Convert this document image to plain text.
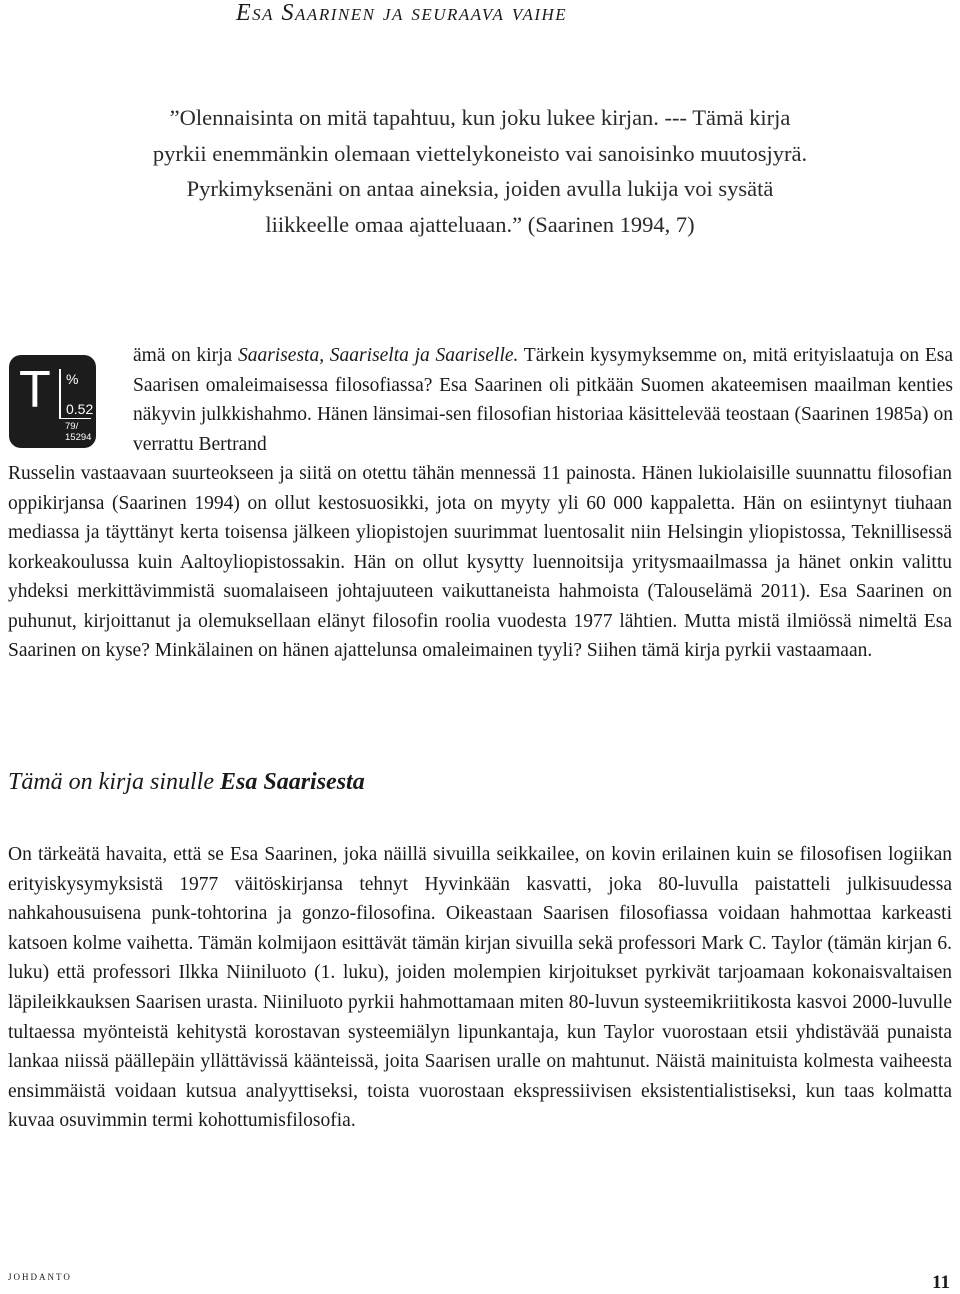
Esa Saarinen ja seuraava vaihe
”Olennaisinta on mitä tapahtuu, kun joku lukee kirjan. --- Tämä kirja pyrkii enemmänkin olemaan viettelykoneisto vai sanoisinko muutosjyrä. Pyrkimyksenäni on antaa aineksia, joiden avulla lukija voi sysätä liikkeelle omaa ajatteluaan.” (Saarinen 1994, 7)
T %
0.52
79/
15294

ämä on kirja Saarisesta, Saariselta ja Saariselle. Tärkein kysymyksemme on, mitä erityislaatuja on Esa Saarisen omaleimaisessa filosofiassa? Esa Saarinen oli pitkään Suomen akateemisen maailman kenties näkyvin julkkishahmo. Hänen länsimai-sen filosofian historiaa käsittelevää teostaan (Saarinen 1985a) on verrattu Bertrand

Russelin vastaavaan suurteokseen ja siitä on otettu tähän mennessä 11 painosta. Hänen lukiolaisille suunnattu filosofian oppikirjansa (Saarinen 1994) on ollut kestosuosikki, jota on myyty yli 60 000 kappaletta. Hän on esiintynyt tiuhaan mediassa ja täyttänyt kerta toisensa jälkeen yliopistojen suurimmat luentosalit niin Helsingin yliopistossa, Teknillisessä korkeakoulussa kuin Aaltoyliopistossakin. Hän on ollut kysytty luennoitsija yritysmaailmassa ja hänet onkin valittu yhdeksi merkittävimmistä suomalaiseen johtajuuteen vaikuttaneista hahmoista (Talouselämä 2011). Esa Saarinen on puhunut, kirjoittanut ja olemuksellaan elänyt filosofin roolia vuodesta 1977 lähtien. Mutta mistä ilmiössä nimeltä Esa Saarinen on kyse? Minkälainen on hänen ajattelunsa omaleimainen tyyli? Siihen tämä kirja pyrkii vastaamaan.

Tämä on kirja sinulle Esa Saarisesta

On tärkeätä havaita, että se Esa Saarinen, joka näillä sivuilla seikkailee, on kovin erilainen kuin se filosofisen logiikan erityiskysymyksistä 1977 väitöskirjansa tehnyt Hyvinkään kasvatti, joka 80-luvulla paistatteli julkisuudessa nahkahousuisena punk-tohtorina ja gonzo-filosofina. Oikeastaan Saarisen filosofiassa voidaan hahmottaa karkeasti katsoen kolme vaihetta. Tämän kolmijaon esittävät tämän kirjan sivuilla sekä professori Mark C. Taylor (tämän kirjan 6. luku) että professori Ilkka Niiniluoto (1. luku), joiden molempien kirjoitukset pyrkivät tarjoamaan kokonaisvaltaisen läpileikkauksen Saarisen urasta. Niiniluoto pyrkii hahmottamaan miten 80-luvun systeemikriitikosta kasvoi 2000-luvulle tultaessa myönteistä kehitystä korostavan systeemiälyn lipunkantaja, kun Taylor vuorostaan etsii yhdistävää punaista lankaa niissä päällepäin yllättävissä käänteissä, joita Saarisen uralle on mahtunut. Näistä mainituista kolmesta vaiheesta ensimmäistä voidaan kutsua analyyttiseksi, toista vuorostaan ekspressiivisen eksistentialistiseksi, kun taas kolmatta kuvaa osuvimmin termi kohottumisfilosofia.

johdanto	11
